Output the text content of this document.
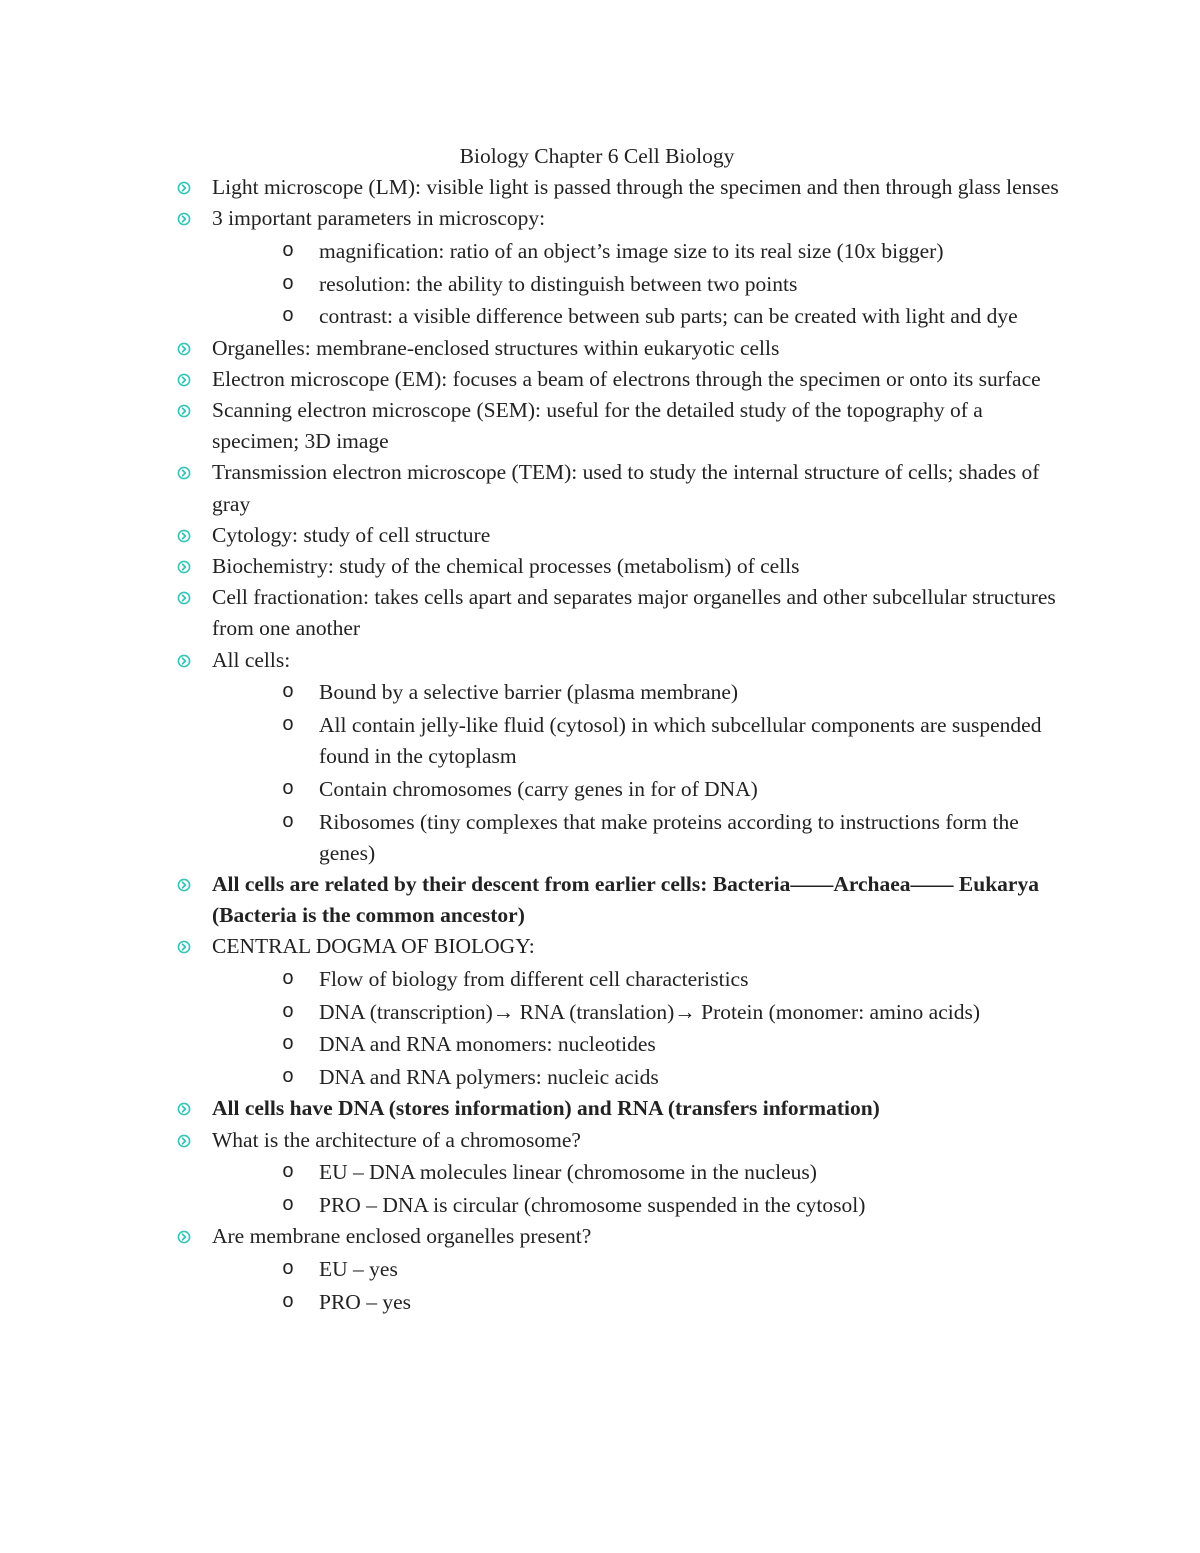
Biology Chapter 6 Cell Biology
Light microscope (LM): visible light is passed through the specimen and then through glass lenses
3 important parameters in microscopy:
o magnification: ratio of an object’s image size to its real size (10x bigger)
o resolution: the ability to distinguish between two points
o contrast: a visible difference between sub parts; can be created with light and dye
Organelles: membrane-enclosed structures within eukaryotic cells
Electron microscope (EM): focuses a beam of electrons through the specimen or onto its surface
Scanning electron microscope (SEM): useful for the detailed study of the topography of a specimen; 3D image
Transmission electron microscope (TEM): used to study the internal structure of cells; shades of gray
Cytology: study of cell structure
Biochemistry: study of the chemical processes (metabolism) of cells
Cell fractionation: takes cells apart and separates major organelles and other subcellular structures from one another
All cells:
o Bound by a selective barrier (plasma membrane)
o All contain jelly-like fluid (cytosol) in which subcellular components are suspended found in the cytoplasm
o Contain chromosomes (carry genes in for of DNA)
o Ribosomes (tiny complexes that make proteins according to instructions form the genes)
All cells are related by their descent from earlier cells: Bacteria––––Archaea–––– Eukarya (Bacteria is the common ancestor)
CENTRAL DOGMA OF BIOLOGY:
o Flow of biology from different cell characteristics
o DNA (transcription)→ RNA (translation)→ Protein (monomer: amino acids)
o DNA and RNA monomers: nucleotides
o DNA and RNA polymers: nucleic acids
All cells have DNA (stores information) and RNA (transfers information)
What is the architecture of a chromosome?
o EU – DNA molecules linear (chromosome in the nucleus)
o PRO – DNA is circular (chromosome suspended in the cytosol)
Are membrane enclosed organelles present?
o EU – yes
o PRO – yes
